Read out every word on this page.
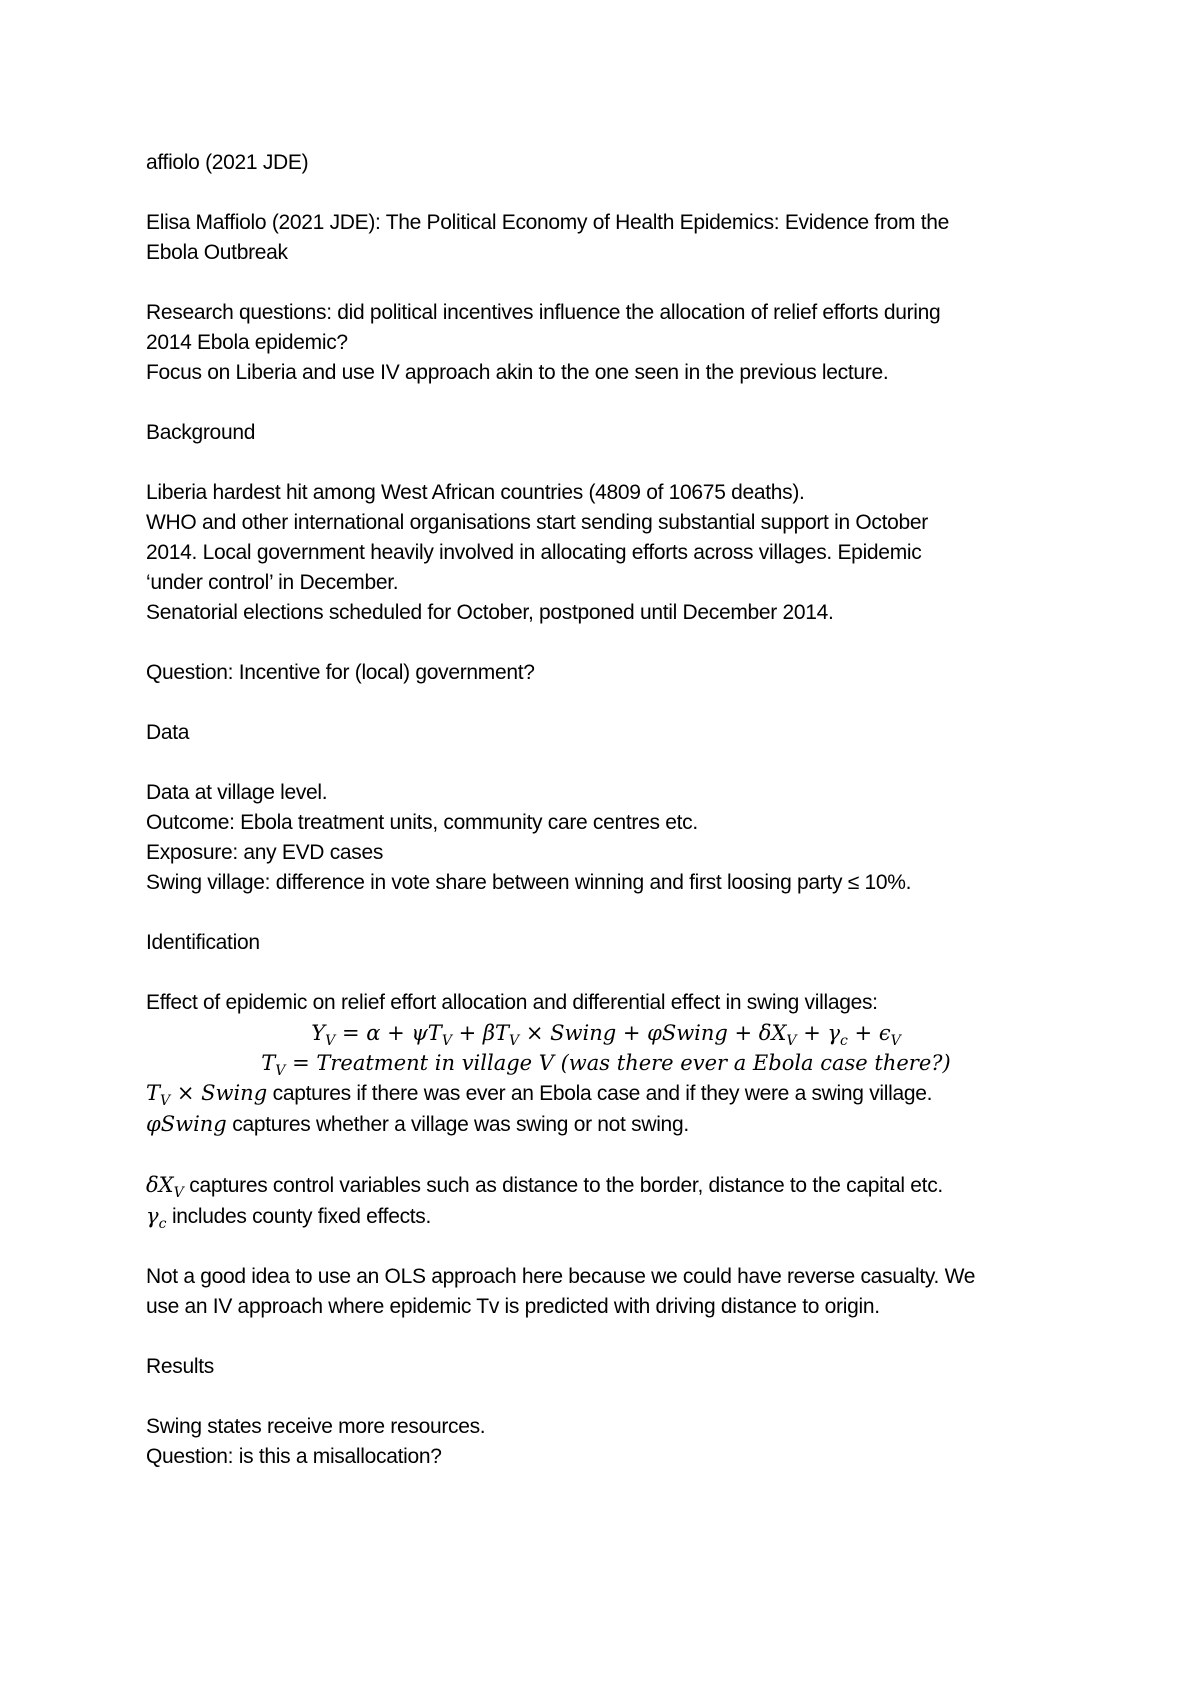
affiolo (2021 JDE)

Elisa Maffiolo (2021 JDE): The Political Economy of Health Epidemics: Evidence from the

Ebola Outbreak

Research questions: did political incentives influence the allocation of relief efforts during

2014 Ebola epidemic?

Focus on Liberia and use IV approach akin to the one seen in the previous lecture.

Background

Liberia hardest hit among West African countries (4809 of 10675 deaths).

WHO and other international organisations start sending substantial support in October

2014. Local government heavily involved in allocating efforts across villages. Epidemic

‘under control’ in December.

Senatorial elections scheduled for October, postponed until December 2014.

Question: Incentive for (local) government?

Data

Data at village level.

Outcome: Ebola treatment units, community care centres etc.

Exposure: any EVD cases

Swing village: difference in vote share between winning and first loosing party ≤ 10%.

Identification

Effect of epidemic on relief effort allocation and differential effect in swing villages:

$Y_V = \alpha + \psi T_V + \beta T_V$ × Swing + φSwing + $\delta X_V + \gamma_c + \epsilon_V$

$T_V$ = Treatment in village V (was there ever a Ebola case there?)

$T_V$ × Swing captures if there was ever an Ebola case and if they were a swing village.

φSwing captures whether a village was swing or not swing.

$\delta X_V$ captures control variables such as distance to the border, distance to the capital etc.

$\gamma_c$ includes county fixed effects.

Not a good idea to use an OLS approach here because we could have reverse casualty. We

use an IV approach where epidemic Tv is predicted with driving distance to origin.

Results

Swing states receive more resources.

Question: is this a misallocation?
